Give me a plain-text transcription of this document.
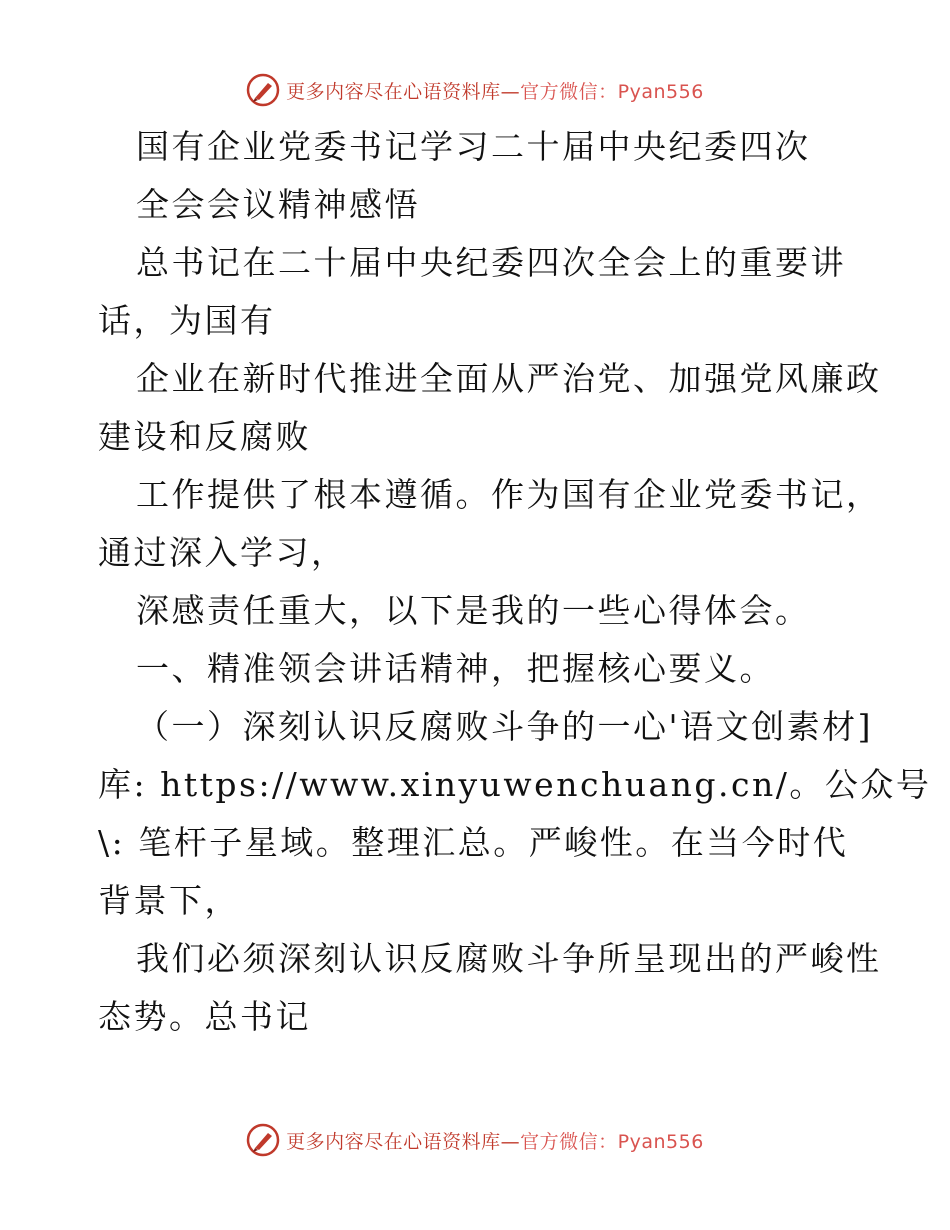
更多内容尽在心语资料库—官方微信：Pyan556
国有企业党委书记学习二十届中央纪委四次
全会会议精神感悟
总书记在二十届中央纪委四次全会上的重要讲
话，为国有
企业在新时代推进全面从严治党、加强党风廉政
建设和反腐败
工作提供了根本遵循。作为国有企业党委书记，
通过深入学习，
深感责任重大，以下是我的一些心得体会。
一、精准领会讲话精神，把握核心要义。
（一）深刻认识反腐败斗争的一心'语文创素材]
库: https://www.xinyuwenchuang.cn/。公众号
\: 笔杆子星域。整理汇总。严峻性。在当今时代
背景下，
我们必须深刻认识反腐败斗争所呈现出的严峻性
态势。总书记
更多内容尽在心语资料库—官方微信：Pyan556
